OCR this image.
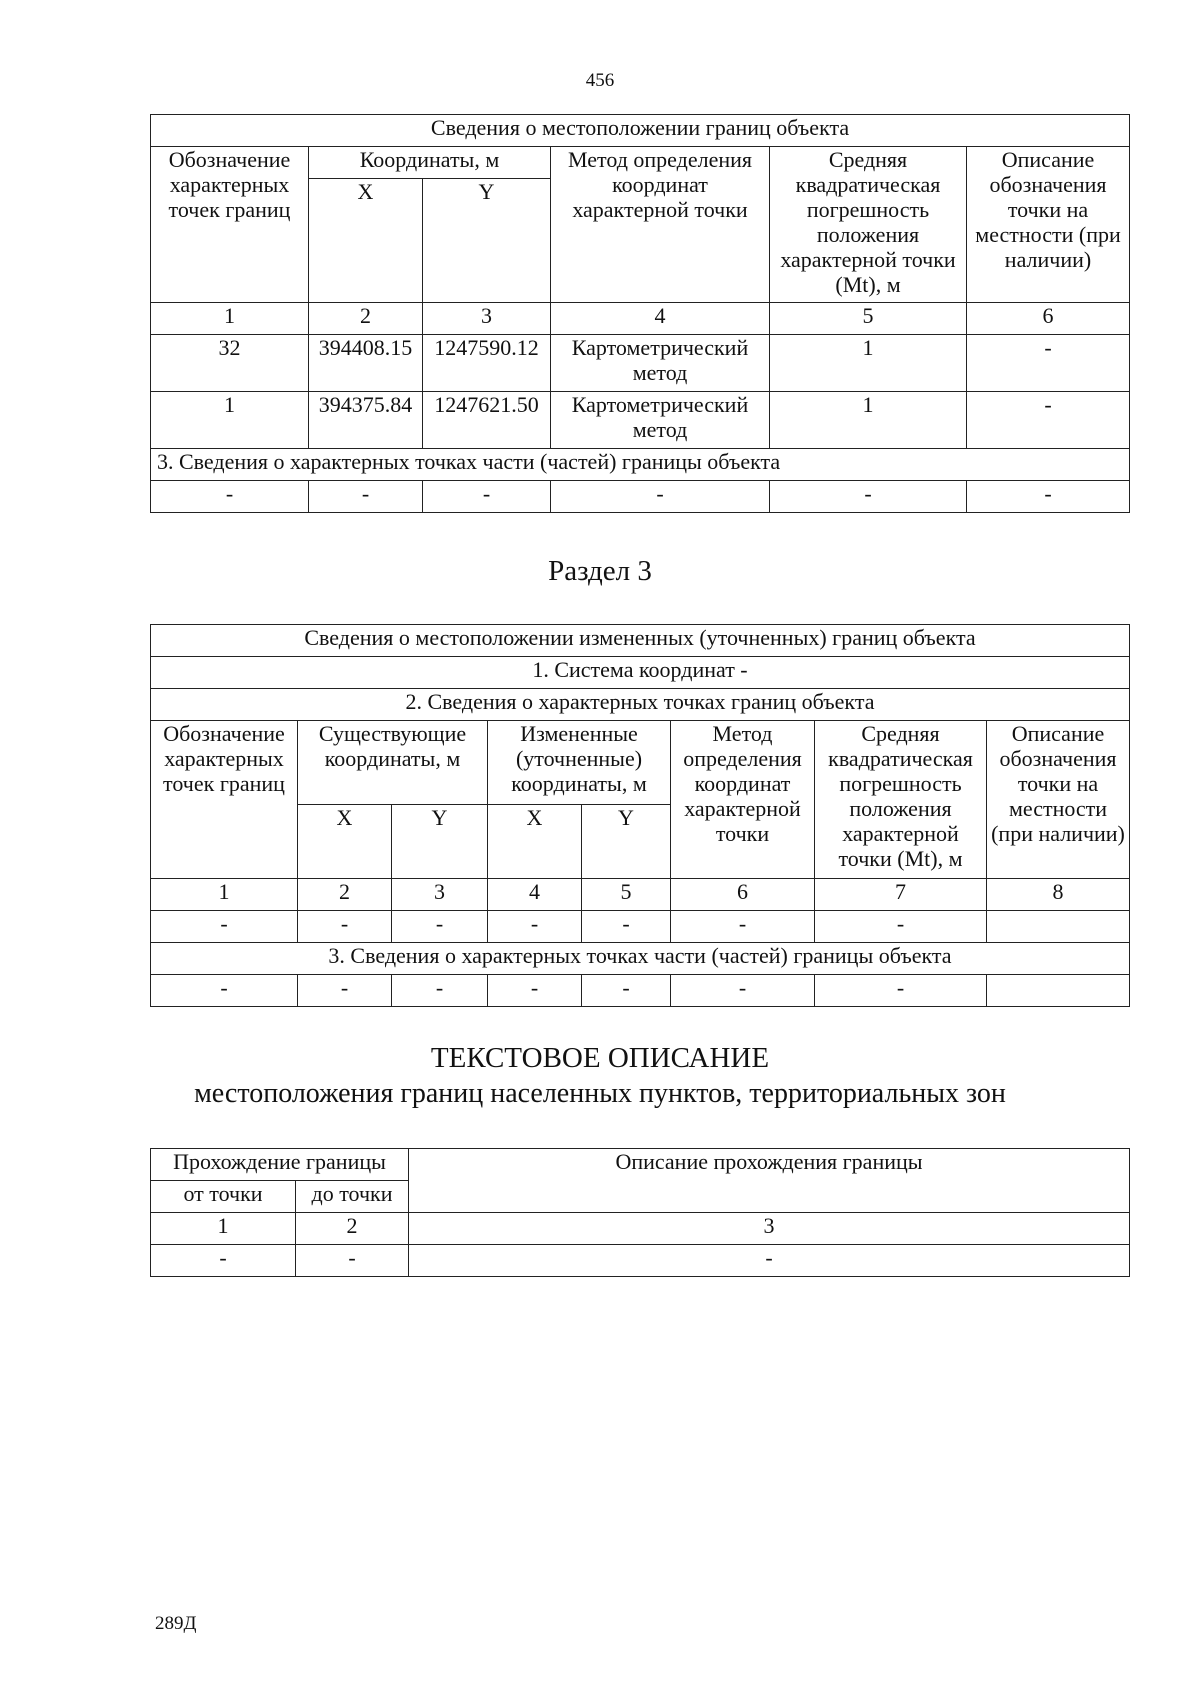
456
Сведения о местоположении границ объекта					
Обозначение характерных точек границ	Координаты, м		Метод определения координат характерной точки	Средняя квадратическая погрешность положения характерной точки (Mt), м	Описание обозначения точки на местности (при наличии)
	X	Y			
1	2	3	4	5	6
32	394408.15	1247590.12	Картометрический метод	1	-
1	394375.84	1247621.50	Картометрический метод	1	-
3. Сведения о характерных точках части (частей) границы объекта					
-	-	-	-	-	-
Раздел 3
Сведения о местоположении измененных (уточненных) границ объекта							
1. Система координат -							
2. Сведения о характерных точках границ объекта							
Обозначение характерных точек границ	Существующие координаты, м		Измененные (уточненные) координаты, м		Метод определения координат характерной точки	Средняя квадратическая погрешность положения характерной точки (Mt), м	Описание обозначения точки на местности (при наличии)
	X	Y	X	Y			
1	2	3	4	5	6	7	8
-	-	-	-	-	-	-	
3. Сведения о характерных точках части (частей) границы объекта							
-	-	-	-	-	-	-	
ТЕКСТОВОЕ ОПИСАНИЕ
местоположения границ населенных пунктов, территориальных зон
Прохождение границы		Описание прохождения границы
от точки	до точки	
1	2	3
-	-	-
289Д
